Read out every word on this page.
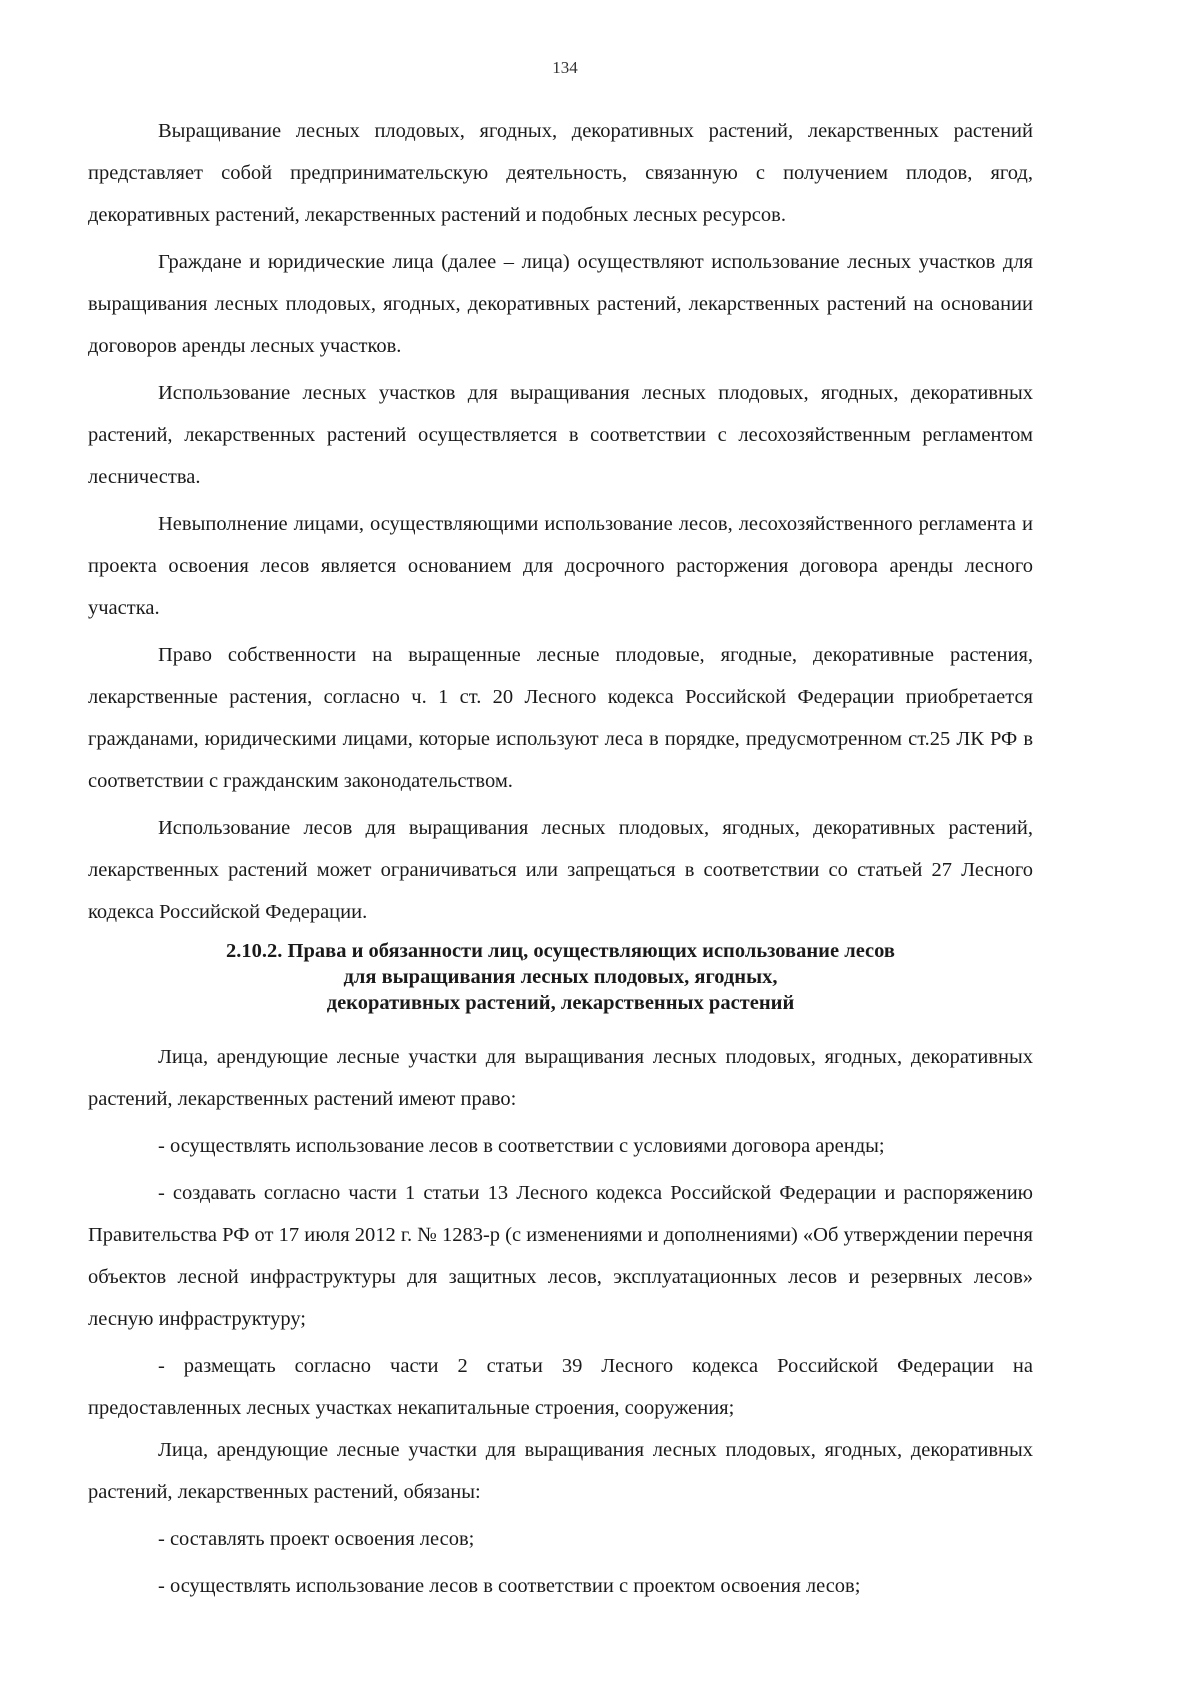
134

Выращивание лесных плодовых, ягодных, декоративных растений, лекарственных растений представляет собой предпринимательскую деятельность, связанную с получением плодов, ягод, декоративных растений, лекарственных растений и подобных лесных ресурсов.

Граждане и юридические лица (далее – лица) осуществляют использование лесных участков для выращивания лесных плодовых, ягодных, декоративных растений, лекарственных растений на основании договоров аренды лесных участков.

Использование лесных участков для выращивания лесных плодовых, ягодных, декоративных растений, лекарственных растений осуществляется в соответствии с лесохозяйственным регламентом лесничества.

Невыполнение лицами, осуществляющими использование лесов, лесохозяйственного регламента и проекта освоения лесов является основанием для досрочного расторжения договора аренды лесного участка.

Право собственности на выращенные лесные плодовые, ягодные, декоративные растения, лекарственные растения, согласно ч. 1 ст. 20 Лесного кодекса Российской Федерации приобретается гражданами, юридическими лицами, которые используют леса в порядке, предусмотренном ст.25 ЛК РФ в соответствии с гражданским законодательством.

Использование лесов для выращивания лесных плодовых, ягодных, декоративных растений, лекарственных растений может ограничиваться или запрещаться в соответствии со статьей 27 Лесного кодекса Российской Федерации.

2.10.2. Права и обязанности лиц, осуществляющих использование лесов
для выращивания лесных плодовых, ягодных,
декоративных растений, лекарственных растений

Лица, арендующие лесные участки для выращивания лесных плодовых, ягодных, декоративных растений, лекарственных растений имеют право:

- осуществлять использование лесов в соответствии с условиями договора аренды;

- создавать согласно части 1 статьи 13 Лесного кодекса Российской Федерации и распоряжению Правительства РФ от 17 июля 2012 г. № 1283-р (с изменениями и дополнениями) «Об утверждении перечня объектов лесной инфраструктуры для защитных лесов, эксплуатационных лесов и резервных лесов» лесную инфраструктуру;

- размещать согласно части 2 статьи 39 Лесного кодекса Российской Федерации на предоставленных лесных участках некапитальные строения, сооружения;

Лица, арендующие лесные участки для выращивания лесных плодовых, ягодных, декоративных растений, лекарственных растений, обязаны:

- составлять проект освоения лесов;

- осуществлять использование лесов в соответствии с проектом освоения лесов;
